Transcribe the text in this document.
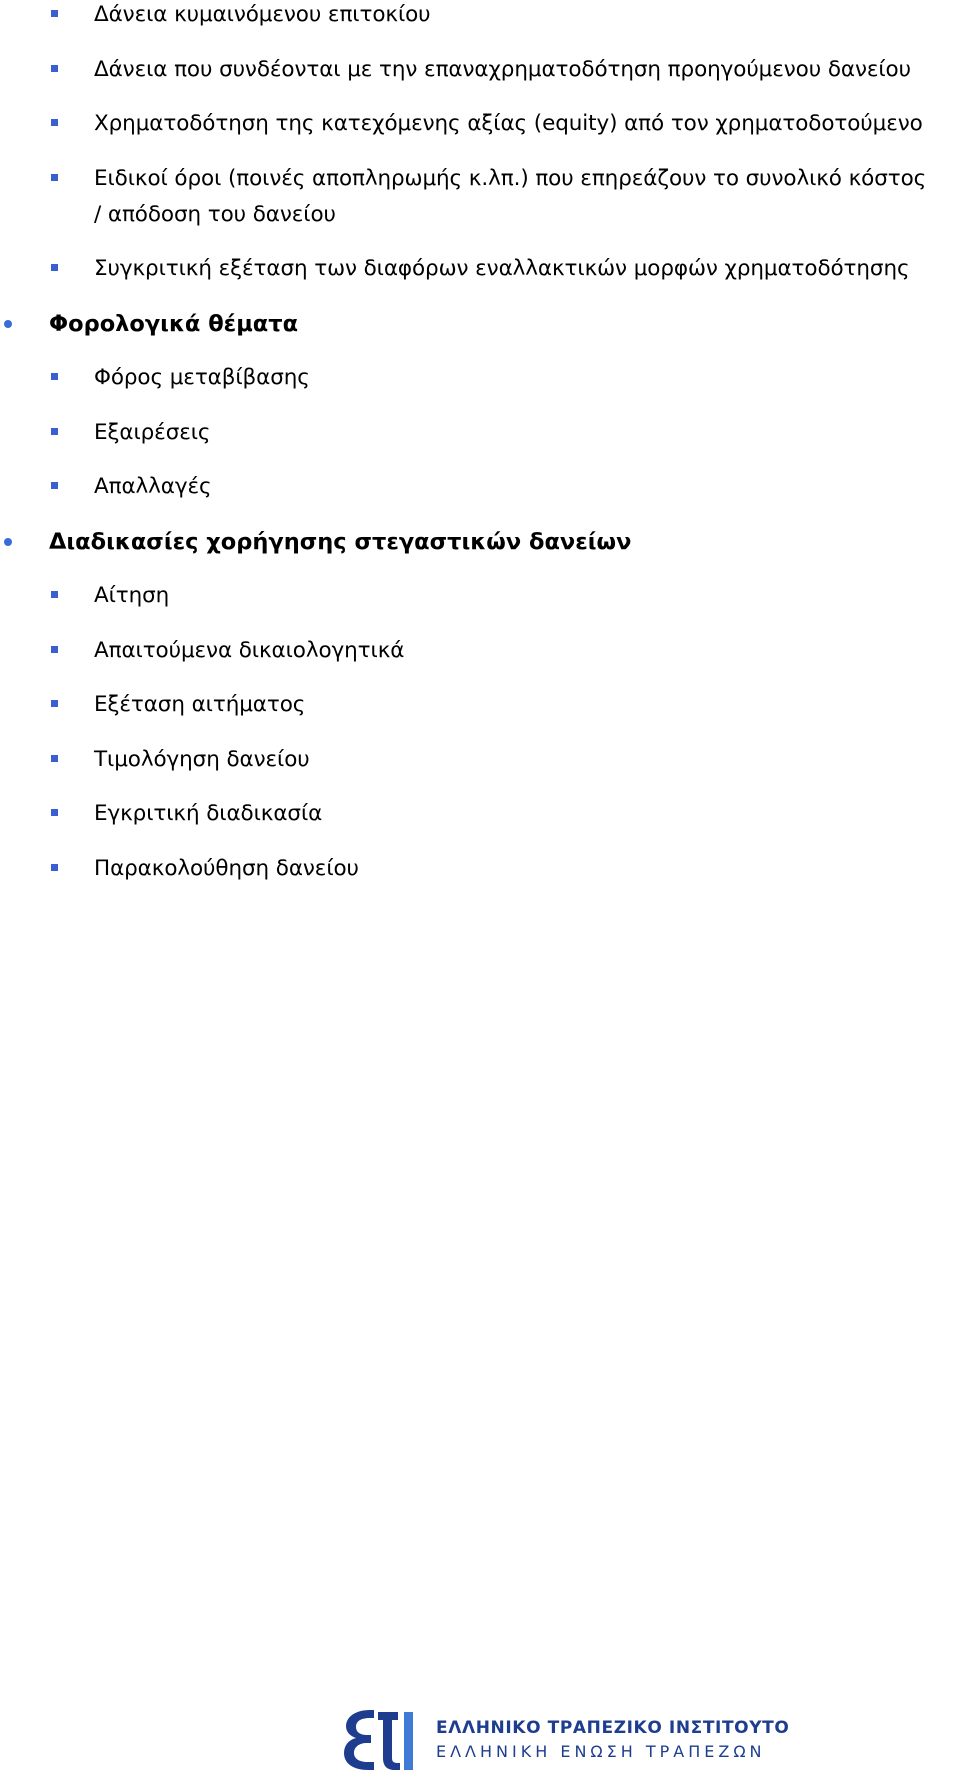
Δάνεια κυμαινόμενου επιτοκίου
Δάνεια που συνδέονται με την επαναχρηματοδότηση προηγούμενου δανείου
Χρηματοδότηση της κατεχόμενης αξίας (equity) από τον χρηματοδοτούμενο
Ειδικοί όροι (ποινές αποπληρωμής κ.λπ.) που επηρεάζουν το συνολικό κόστος / απόδοση του δανείου
Συγκριτική εξέταση των διαφόρων εναλλακτικών μορφών χρηματοδότησης
Φορολογικά θέματα
Φόρος μεταβίβασης
Εξαιρέσεις
Απαλλαγές
Διαδικασίες χορήγησης στεγαστικών δανείων
Αίτηση
Απαιτούμενα δικαιολογητικά
Εξέταση αιτήματος
Τιμολόγηση δανείου
Εγκριτική διαδικασία
Παρακολούθηση δανείου
ΕΛΛΗΝΙΚΟ ΤΡΑΠΕΖΙΚΟ ΙΝΣΤΙΤΟΥΤΟ
ΕΛΛΗΝΙΚΗ ΕΝΩΣΗ ΤΡΑΠΕΖΩΝ
